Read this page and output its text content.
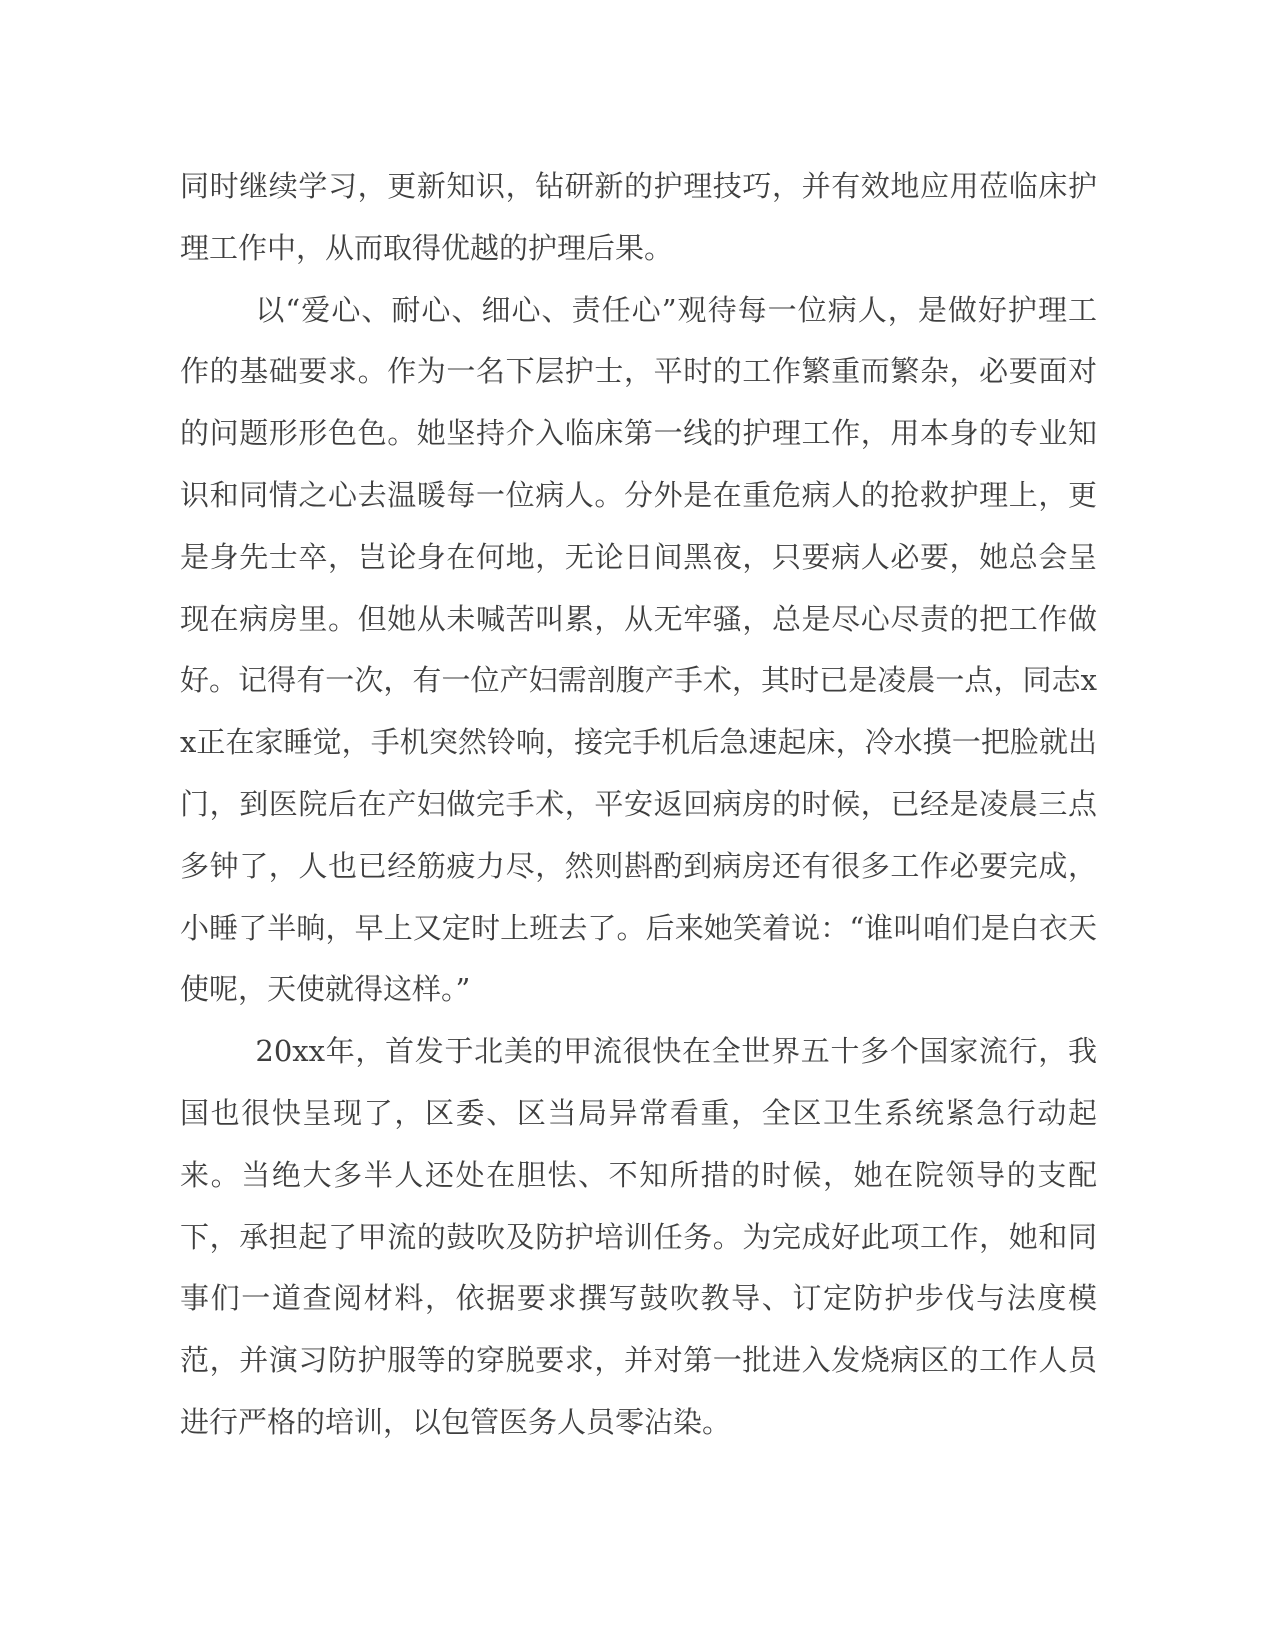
同时继续学习，更新知识，钻研新的护理技巧，并有效地应用莅临床护理工作中，从而取得优越的护理后果。

以“爱心、耐心、细心、责任心”观待每一位病人，是做好护理工作的基础要求。作为一名下层护士，平时的工作繁重而繁杂，必要面对的问题形形色色。她坚持介入临床第一线的护理工作，用本身的专业知识和同情之心去温暖每一位病人。分外是在重危病人的抢救护理上，更是身先士卒，岂论身在何地，无论日间黑夜，只要病人必要，她总会呈现在病房里。但她从未喊苦叫累，从无牢骚，总是尽心尽责的把工作做好。记得有一次，有一位产妇需剖腹产手术，其时已是凌晨一点，同志xx正在家睡觉，手机突然铃响，接完手机后急速起床，冷水摸一把脸就出门，到医院后在产妇做完手术，平安返回病房的时候，已经是凌晨三点多钟了，人也已经筋疲力尽，然则斟酌到病房还有很多工作必要完成，小睡了半晌，早上又定时上班去了。后来她笑着说：“谁叫咱们是白衣天使呢，天使就得这样。”

20xx年，首发于北美的甲流很快在全世界五十多个国家流行，我国也很快呈现了，区委、区当局异常看重，全区卫生系统紧急行动起来。当绝大多半人还处在胆怯、不知所措的时候，她在院领导的支配下，承担起了甲流的鼓吹及防护培训任务。为完成好此项工作，她和同事们一道查阅材料，依据要求撰写鼓吹教导、订定防护步伐与法度模范，并演习防护服等的穿脱要求，并对第一批进入发烧病区的工作人员进行严格的培训，以包管医务人员零沾染。
